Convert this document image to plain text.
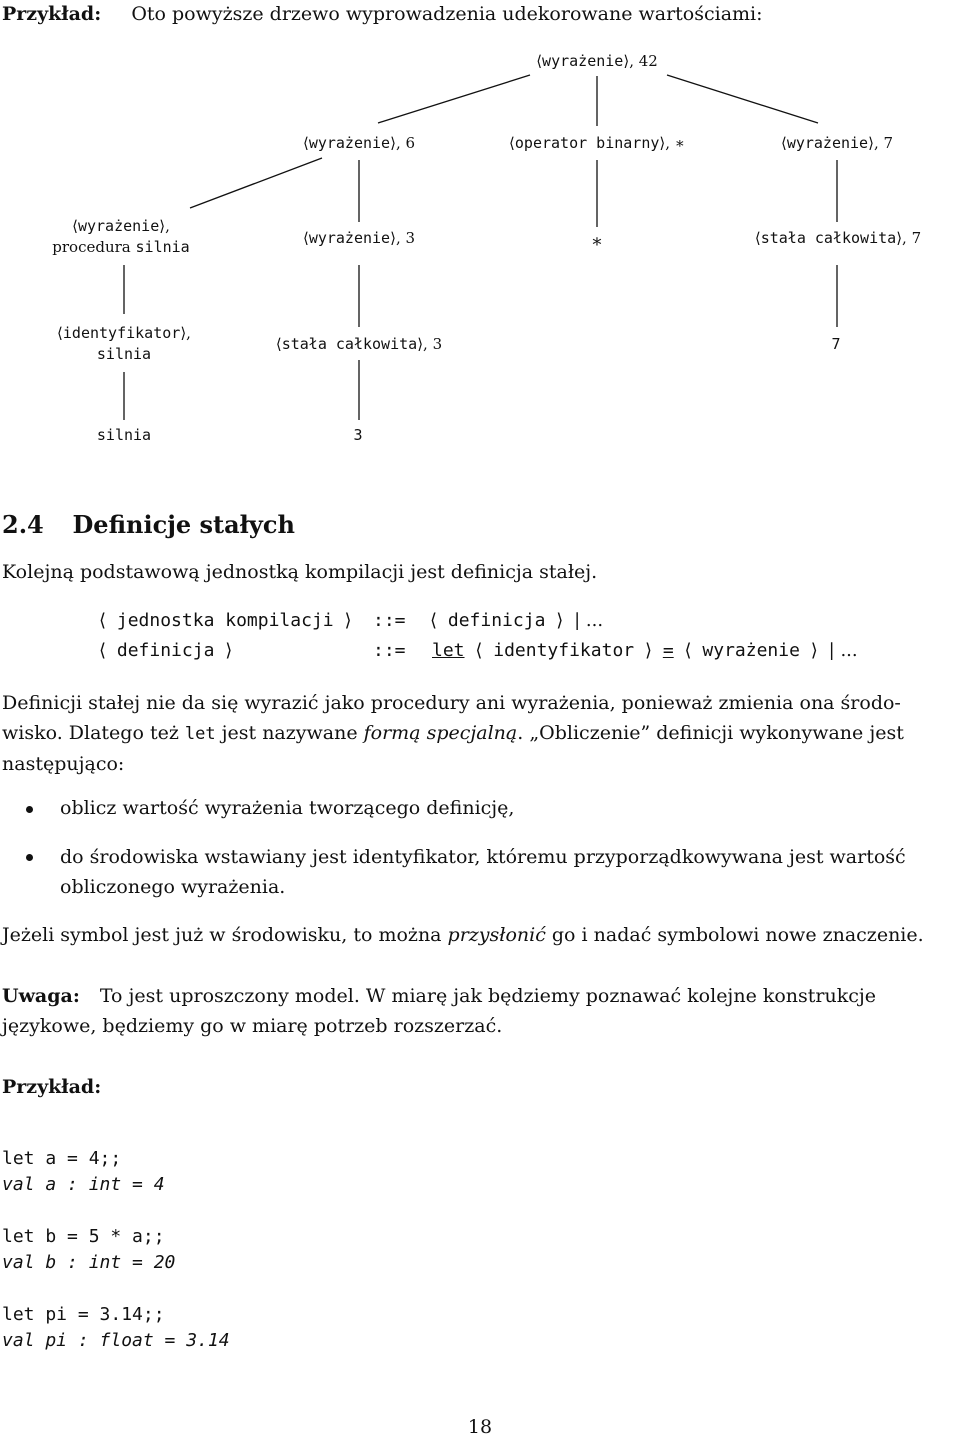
Przykład: Oto powyższe drzewo wyprowadzenia udekorowane wartościami:
⟨wyrażenie⟩, 42
⟨wyrażenie⟩, 6	⟨operator binarny⟩, ∗	⟨wyrażenie⟩, 7
⟨wyrażenie⟩,
procedura silnia	⟨wyrażenie⟩, 3	∗	⟨stała całkowita⟩, 7
⟨identyfikator⟩,
silnia
⟨stała całkowita⟩, 3	7
silnia	3
2.4 Definicje stałych
Kolejną podstawową jednostką kompilacji jest definicja stałej.
⟨ jednostka kompilacji ⟩ ::= ⟨ definicja ⟩ | ...
⟨ definicja ⟩	::= let ⟨ identyfikator ⟩ = ⟨ wyrażenie ⟩ | ...
Definicji stałej nie da się wyrazić jako procedury ani wyrażenia, ponieważ zmienia ona środo-
wisko. Dlatego też let jest nazywane formą specjalną. „Obliczenie” definicji wykonywane jest
następująco:
oblicz wartość wyrażenia tworzącego definicję,
do środowiska wstawiany jest identyfikator, któremu przyporządkowywana jest wartość
obliczonego wyrażenia.
Jeżeli symbol jest już w środowisku, to można przysłonić go i nadać symbolowi nowe znaczenie.
Uwaga: To jest uproszczony model. W miarę jak będziemy poznawać kolejne konstrukcje
językowe, będziemy go w miarę potrzeb rozszerzać.
Przykład:
let a = 4;;
val a : int = 4
let b = 5 * a;;
val b : int = 20
let pi = 3.14;;
val pi : float = 3.14
18
